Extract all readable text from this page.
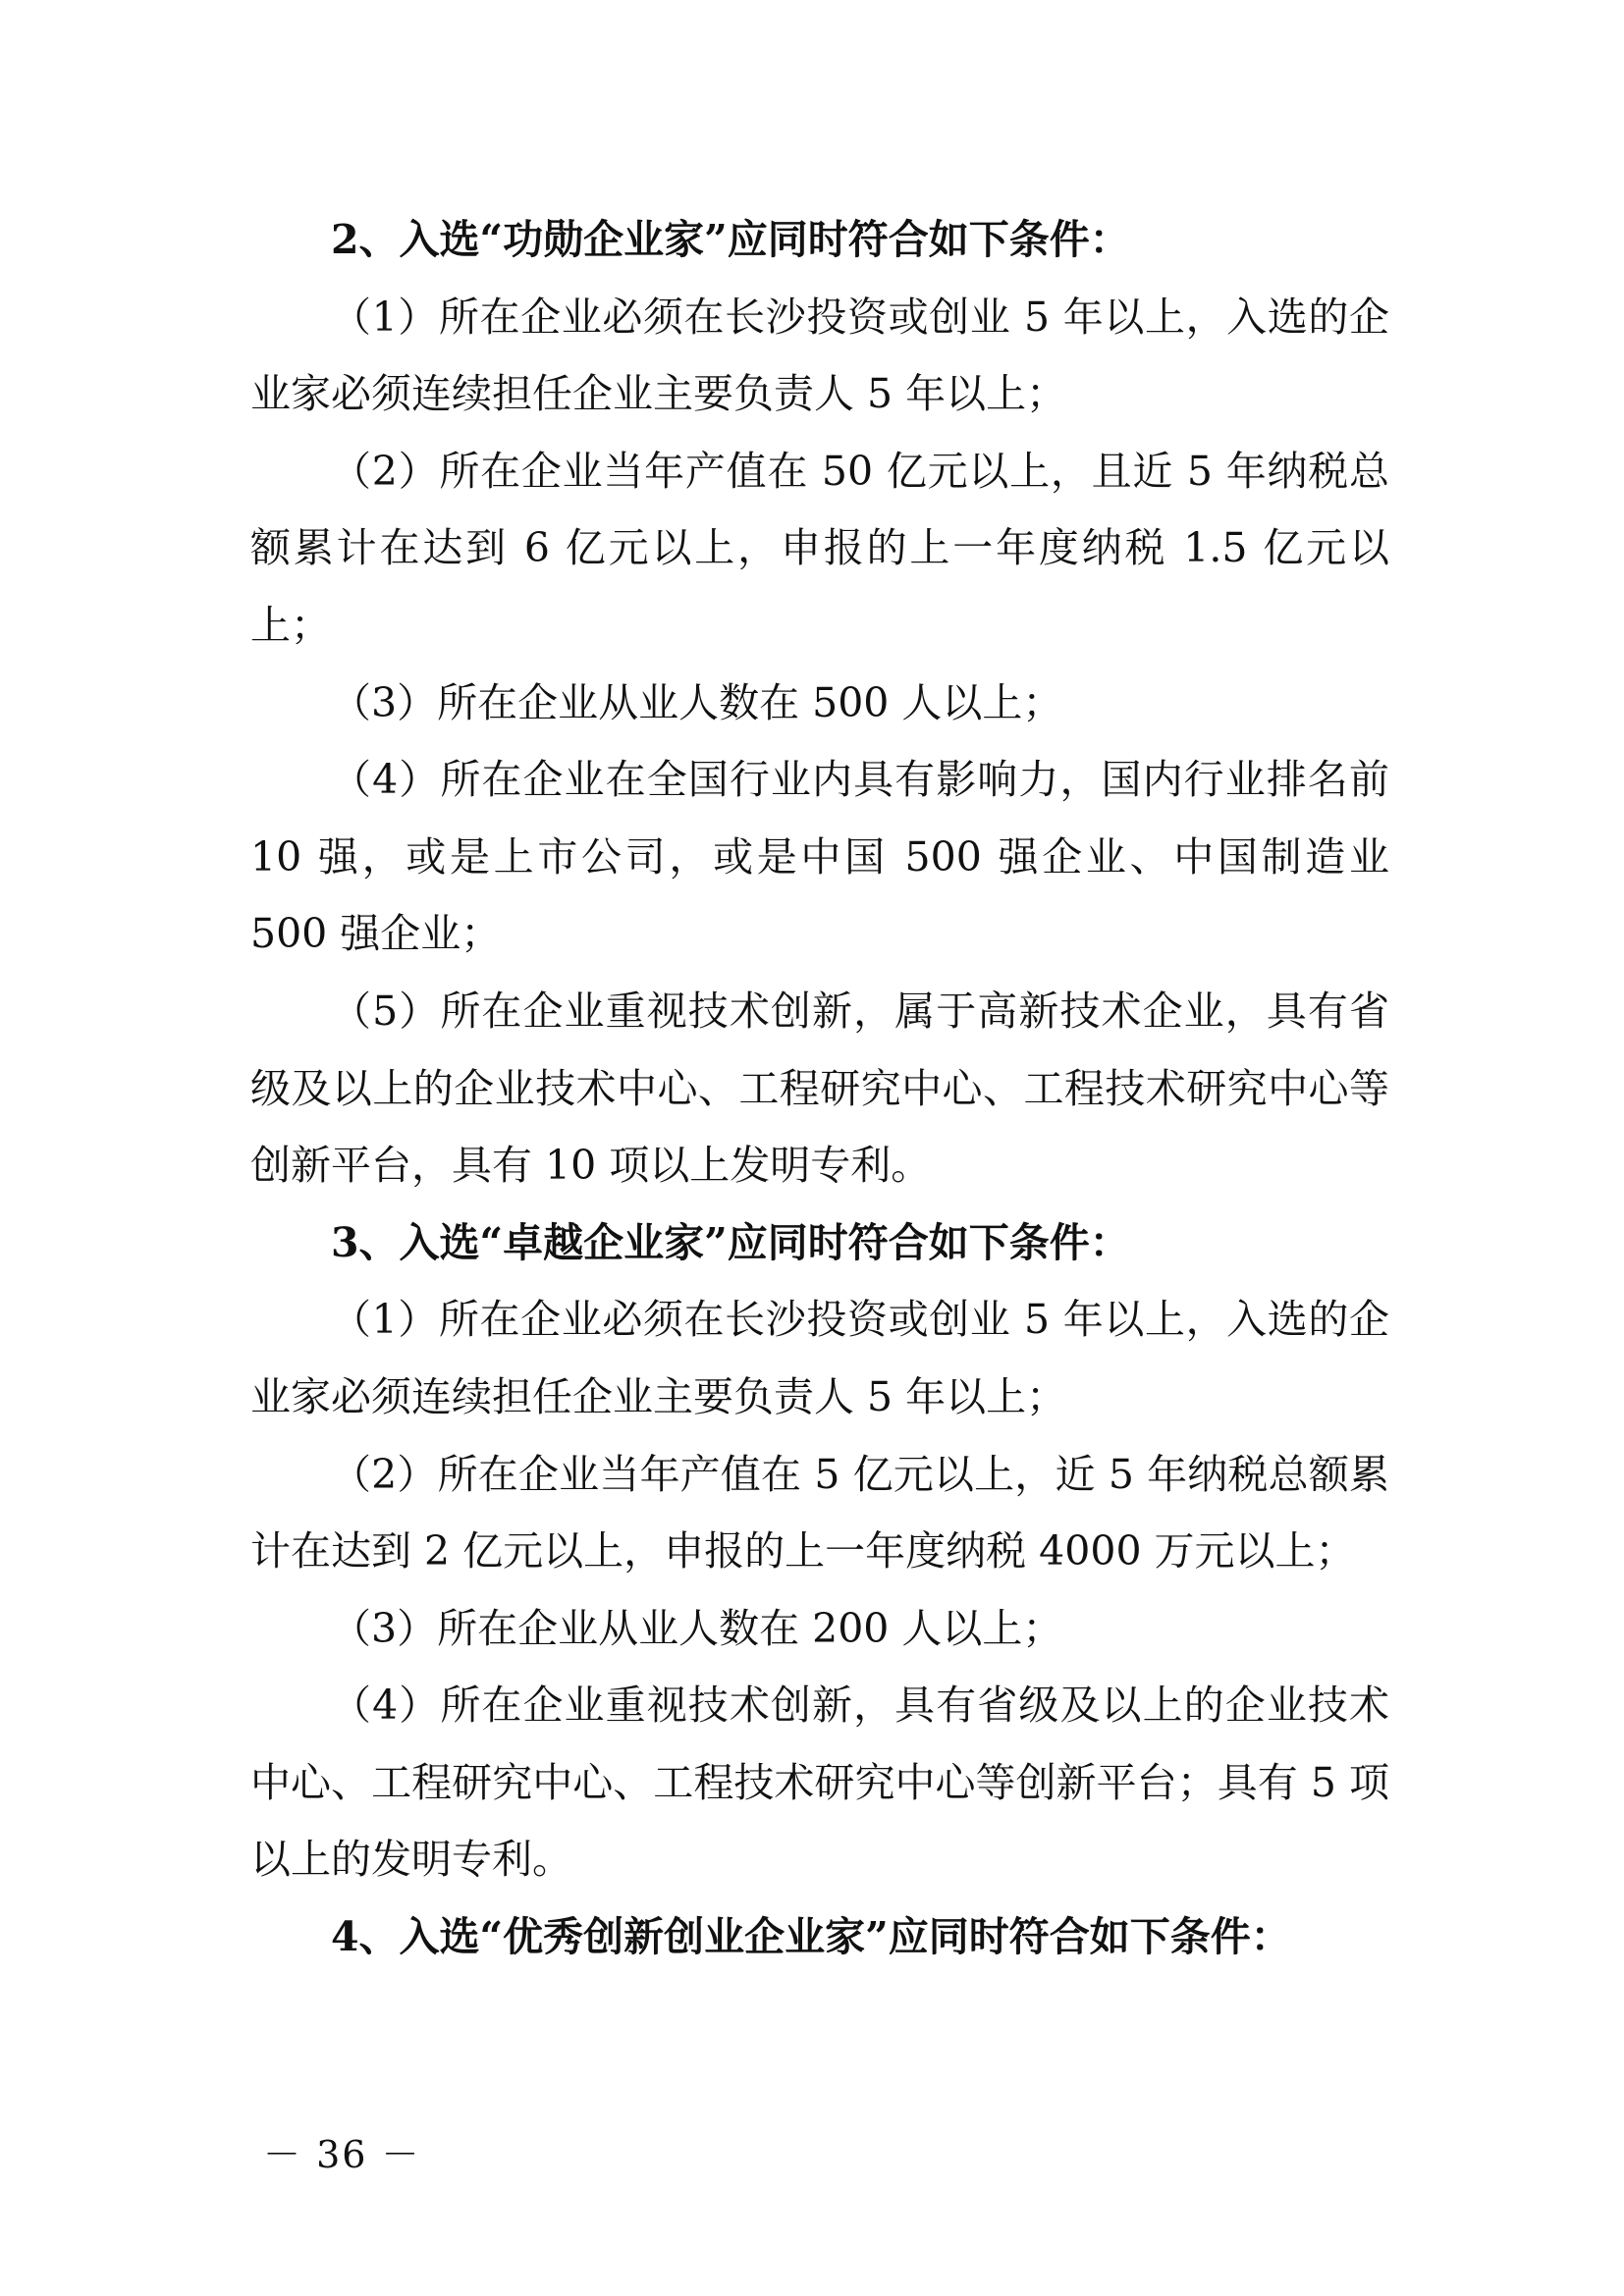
2、入选“功勋企业家”应同时符合如下条件：

（1）所在企业必须在长沙投资或创业 5 年以上，入选的企业家必须连续担任企业主要负责人 5 年以上；

（2）所在企业当年产值在 50 亿元以上，且近 5 年纳税总额累计在达到 6 亿元以上，申报的上一年度纳税 1.5 亿元以上；

（3）所在企业从业人数在 500 人以上；

（4）所在企业在全国行业内具有影响力，国内行业排名前 10 强，或是上市公司，或是中国 500 强企业、中国制造业 500 强企业；

（5）所在企业重视技术创新，属于高新技术企业，具有省级及以上的企业技术中心、工程研究中心、工程技术研究中心等创新平台，具有 10 项以上发明专利。

3、入选“卓越企业家”应同时符合如下条件：

（1）所在企业必须在长沙投资或创业 5 年以上，入选的企业家必须连续担任企业主要负责人 5 年以上；

（2）所在企业当年产值在 5 亿元以上，近 5 年纳税总额累计在达到 2 亿元以上，申报的上一年度纳税 4000 万元以上；

（3）所在企业从业人数在 200 人以上；

（4）所在企业重视技术创新，具有省级及以上的企业技术中心、工程研究中心、工程技术研究中心等创新平台；具有 5 项以上的发明专利。

4、入选“优秀创新创业企业家”应同时符合如下条件：

－ 36 －
